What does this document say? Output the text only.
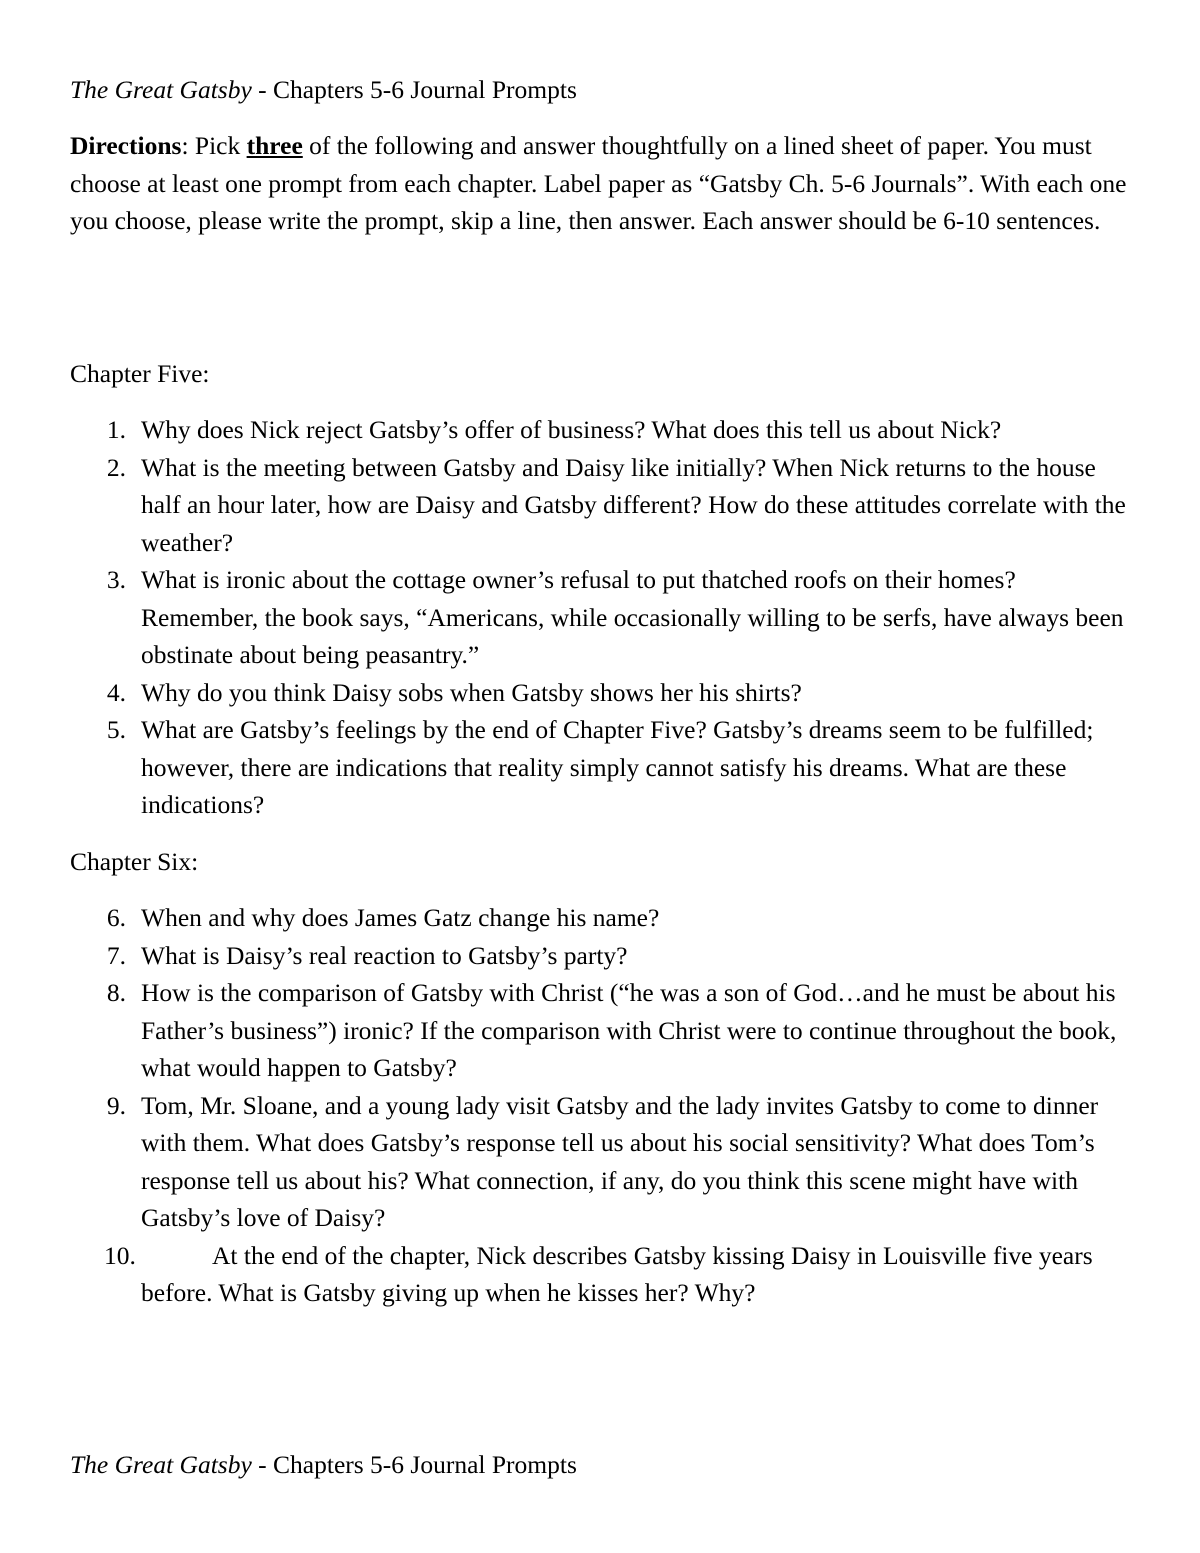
The Great Gatsby - Chapters 5-6 Journal Prompts

Directions: Pick three of the following and answer thoughtfully on a lined sheet of paper. You must choose at least one prompt from each chapter. Label paper as “Gatsby Ch. 5-6 Journals”. With each one you choose, please write the prompt, skip a line, then answer. Each answer should be 6-10 sentences.

Chapter Five:

1. Why does Nick reject Gatsby’s offer of business? What does this tell us about Nick?
2. What is the meeting between Gatsby and Daisy like initially? When Nick returns to the house half an hour later, how are Daisy and Gatsby different? How do these attitudes correlate with the weather?
3. What is ironic about the cottage owner’s refusal to put thatched roofs on their homes? Remember, the book says, “Americans, while occasionally willing to be serfs, have always been obstinate about being peasantry.”
4. Why do you think Daisy sobs when Gatsby shows her his shirts?
5. What are Gatsby’s feelings by the end of Chapter Five? Gatsby’s dreams seem to be fulfilled; however, there are indications that reality simply cannot satisfy his dreams. What are these indications?

Chapter Six:

6. When and why does James Gatz change his name?
7. What is Daisy’s real reaction to Gatsby’s party?
8. How is the comparison of Gatsby with Christ (“he was a son of God…and he must be about his Father’s business”) ironic? If the comparison with Christ were to continue throughout the book, what would happen to Gatsby?
9. Tom, Mr. Sloane, and a young lady visit Gatsby and the lady invites Gatsby to come to dinner with them. What does Gatsby’s response tell us about his social sensitivity? What does Tom’s response tell us about his? What connection, if any, do you think this scene might have with Gatsby’s love of Daisy?
10.	At the end of the chapter, Nick describes Gatsby kissing Daisy in Louisville five years before. What is Gatsby giving up when he kisses her? Why?
The Great Gatsby - Chapters 5-6 Journal Prompts
